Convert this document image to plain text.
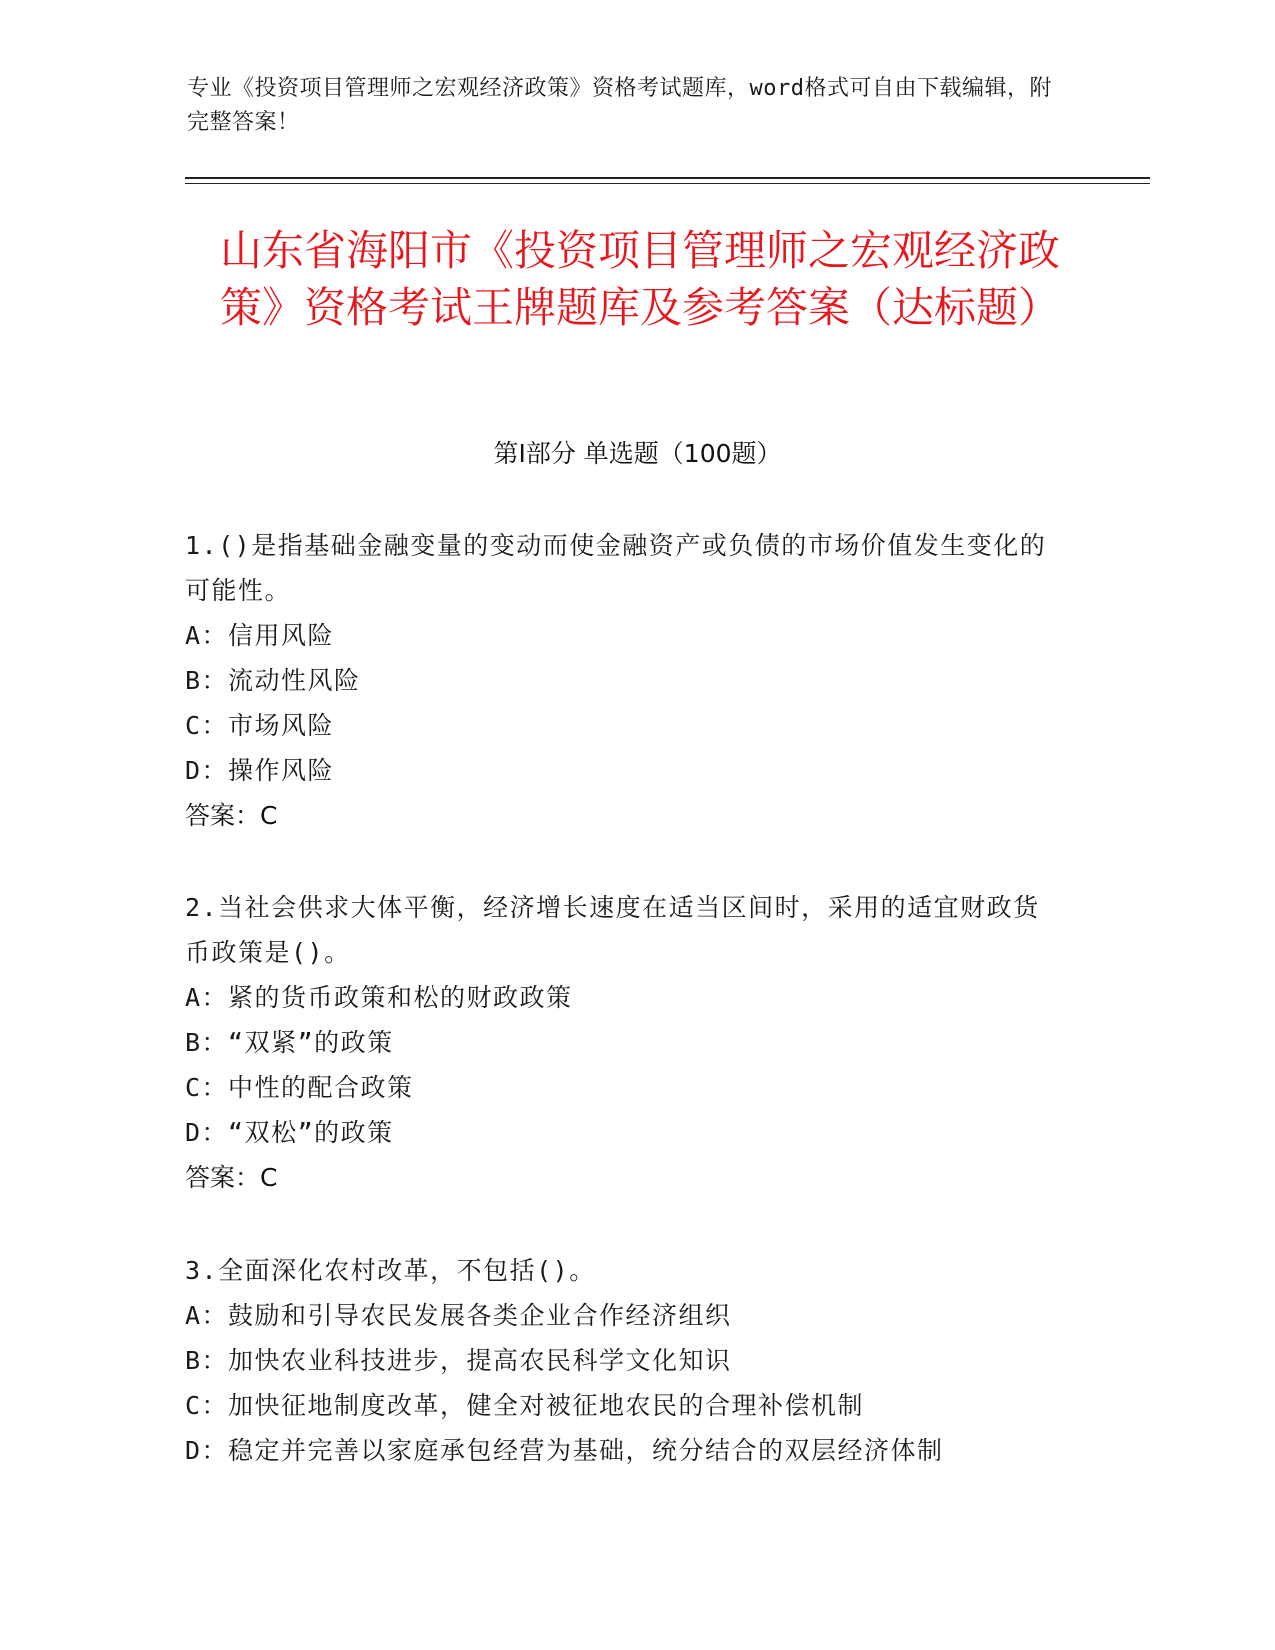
专业《投资项目管理师之宏观经济政策》资格考试题库，word格式可自由下载编辑，附完整答案！
山东省海阳市《投资项目管理师之宏观经济政策》资格考试王牌题库及参考答案（达标题）
第Ⅰ部分 单选题（100题）
1.()是指基础金融变量的变动而使金融资产或负债的市场价值发生变化的可能性。
A：信用风险
B：流动性风险
C：市场风险
D：操作风险
答案：C
2.当社会供求大体平衡，经济增长速度在适当区间时，采用的适宜财政货币政策是()。
A：紧的货币政策和松的财政政策
B：“双紧”的政策
C：中性的配合政策
D：“双松”的政策
答案：C
3.全面深化农村改革，不包括()。
A：鼓励和引导农民发展各类企业合作经济组织
B：加快农业科技进步，提高农民科学文化知识
C：加快征地制度改革，健全对被征地农民的合理补偿机制
D：稳定并完善以家庭承包经营为基础，统分结合的双层经济体制
